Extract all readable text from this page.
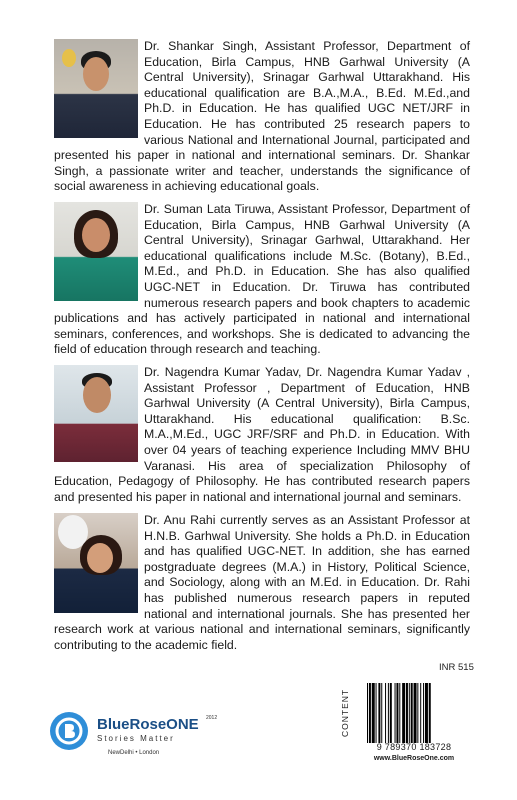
Dr. Shankar Singh, Assistant Professor, Department of Education, Birla Campus, HNB Garhwal University (A Central University), Srinagar Garhwal Uttarakhand. His educational qualification are B.A.,M.A., B.Ed. M.Ed.,and Ph.D. in Education. He has qualified UGC NET/JRF in Education. He has contributed 25 research papers to various National and International Journal, participated and presented his paper in national and international seminars. Dr. Shankar Singh, a passionate writer and teacher, understands the significance of social awareness in achieving educational goals.

Dr. Suman Lata Tiruwa, Assistant Professor, Department of Education, Birla Campus, HNB Garhwal University (A Central University), Srinagar Garhwal, Uttarakhand. Her educational qualifications include M.Sc. (Botany), B.Ed., M.Ed., and Ph.D. in Education. She has also qualified UGC-NET in Education. Dr. Tiruwa has contributed numerous research papers and book chapters to academic publications and has actively participated in national and international seminars, conferences, and workshops. She is dedicated to advancing the field of education through research and teaching.

Dr. Nagendra Kumar Yadav, Dr. Nagendra Kumar Yadav , Assistant Professor , Department of Education, HNB Garhwal University (A Central University), Birla Campus, Uttarakhand. His educational qualification: B.Sc. M.A.,M.Ed., UGC JRF/SRF and Ph.D. in Education. With over 04 years of teaching experience Including MMV BHU Varanasi. His area of specialization Philosophy of Education, Pedagogy of Philosophy. He has contributed research papers and presented his paper in national and international journal and seminars.

Dr. Anu Rahi currently serves as an Assistant Professor at H.N.B. Garhwal University. She holds a Ph.D. in Education and has qualified UGC-NET. In addition, she has earned postgraduate degrees (M.A.) in History, Political Science, and Sociology, along with an M.Ed. in Education. Dr. Rahi has published numerous research papers in reputed national and international journals. She has presented her research work at various national and international seminars, significantly contributing to the academic field.

INR 515
CONTENT
9 789370 183728
www.BlueRoseOne.com
BlueRoseONE 2012
Stories Matter
NewDelhi • London
